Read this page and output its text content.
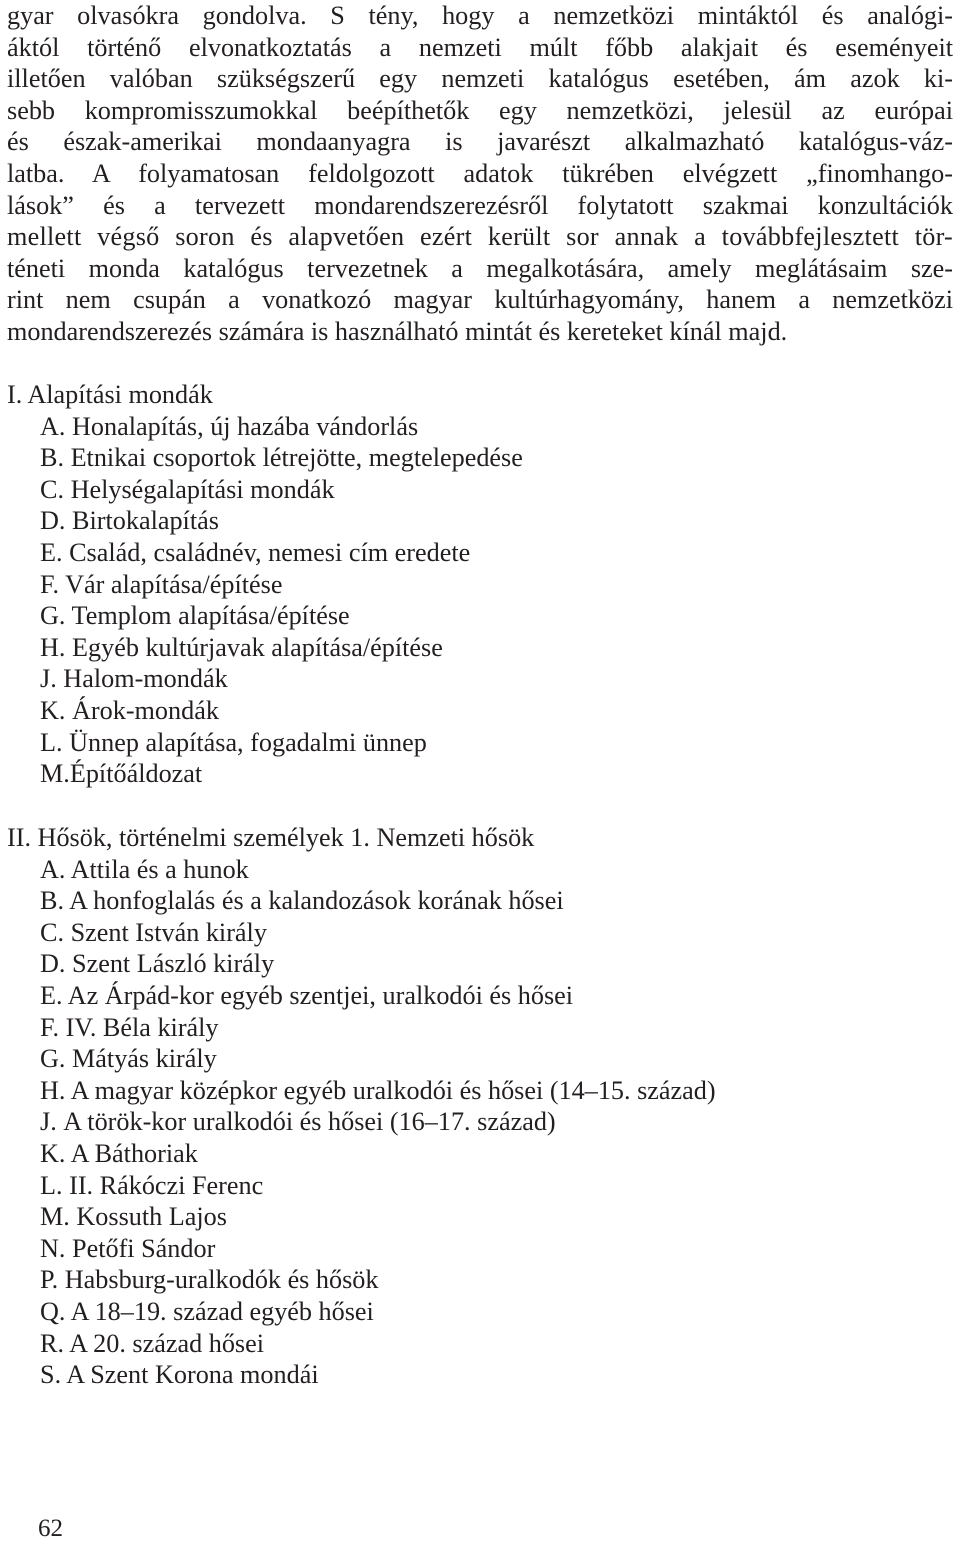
gyar olvasókra gondolva. S tény, hogy a nemzetközi mintáktól és analógi-
áktól történő elvonatkoztatás a nemzeti múlt főbb alakjait és eseményeit
illetően valóban szükségszerű egy nemzeti katalógus esetében, ám azok ki-
sebb kompromisszumokkal beépíthetők egy nemzetközi, jelesül az európai
és észak-amerikai mondaanyagra is javarészt alkalmazható katalógus-váz-
latba. A folyamatosan feldolgozott adatok tükrében elvégzett „finomhango-
lások” és a tervezett mondarendszerezésről folytatott szakmai konzultációk
mellett végső soron és alapvetően ezért került sor annak a továbbfejlesztett tör-
téneti monda katalógus tervezetnek a megalkotására, amely meglátásaim sze-
rint nem csupán a vonatkozó magyar kultúrhagyomány, hanem a nemzetközi
mondarendszerezés számára is használható mintát és kereteket kínál majd.
I. Alapítási mondák
A. Honalapítás, új hazába vándorlás
B. Etnikai csoportok létrejötte, megtelepedése
C. Helységalapítási mondák
D. Birtokalapítás
E. Család, családnév, nemesi cím eredete
F. Vár alapítása/építése
G. Templom alapítása/építése
H. Egyéb kultúrjavak alapítása/építése
J. Halom-mondák
K. Árok-mondák
L. Ünnep alapítása, fogadalmi ünnep
M.Építőáldozat
II. Hősök, történelmi személyek 1. Nemzeti hősök
A. Attila és a hunok
B. A honfoglalás és a kalandozások korának hősei
C. Szent István király
D. Szent László király
E. Az Árpád-kor egyéb szentjei, uralkodói és hősei
F. IV. Béla király
G. Mátyás király
H. A magyar középkor egyéb uralkodói és hősei (14–15. század)
J. A török-kor uralkodói és hősei (16–17. század)
K. A Báthoriak
L. II. Rákóczi Ferenc
M. Kossuth Lajos
N. Petőfi Sándor
P. Habsburg-uralkodók és hősök
Q. A 18–19. század egyéb hősei
R. A 20. század hősei
S. A Szent Korona mondái
62
